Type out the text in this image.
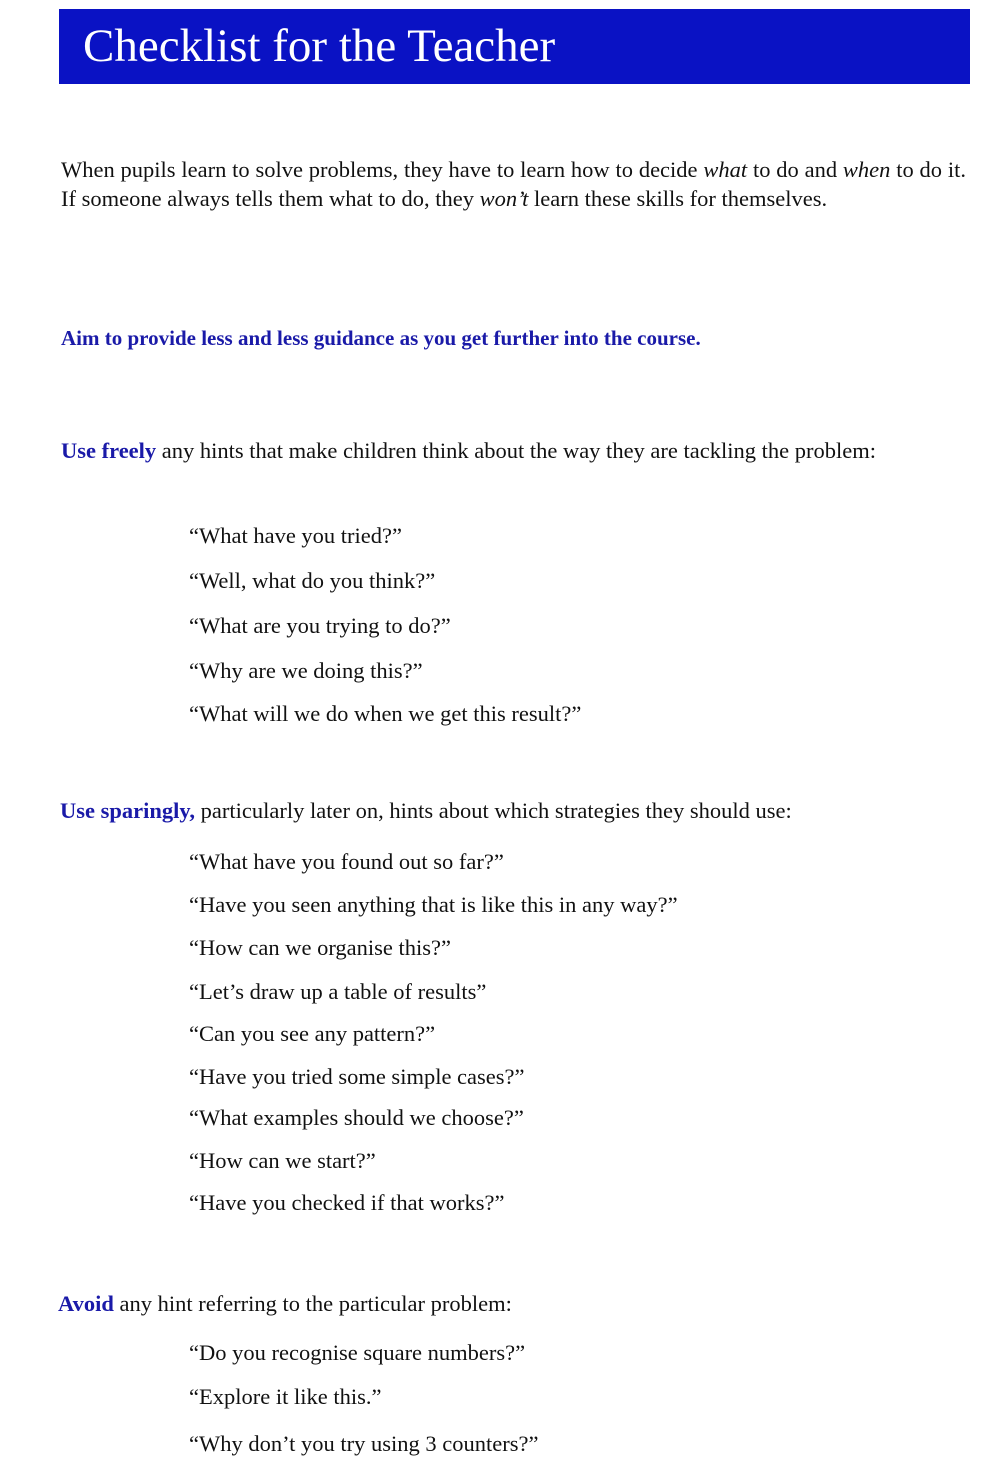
Checklist for the Teacher
When pupils learn to solve problems, they have to learn how to decide what to do and when to do it. If someone always tells them what to do, they won’t learn these skills for themselves.
Aim to provide less and less guidance as you get further into the course.
Use freely any hints that make children think about the way they are tackling the problem:
“What have you tried?”
“Well, what do you think?”
“What are you trying to do?”
“Why are we doing this?”
“What will we do when we get this result?”
Use sparingly, particularly later on, hints about which strategies they should use:
“What have you found out so far?”
“Have you seen anything that is like this in any way?”
“How can we organise this?”
“Let’s draw up a table of results”
“Can you see any pattern?”
“Have you tried some simple cases?”
“What examples should we choose?”
“How can we start?”
“Have you checked if that works?”
Avoid any hint referring to the particular problem:
“Do you recognise square numbers?”
“Explore it like this.”
“Why don’t you try using 3 counters?”
